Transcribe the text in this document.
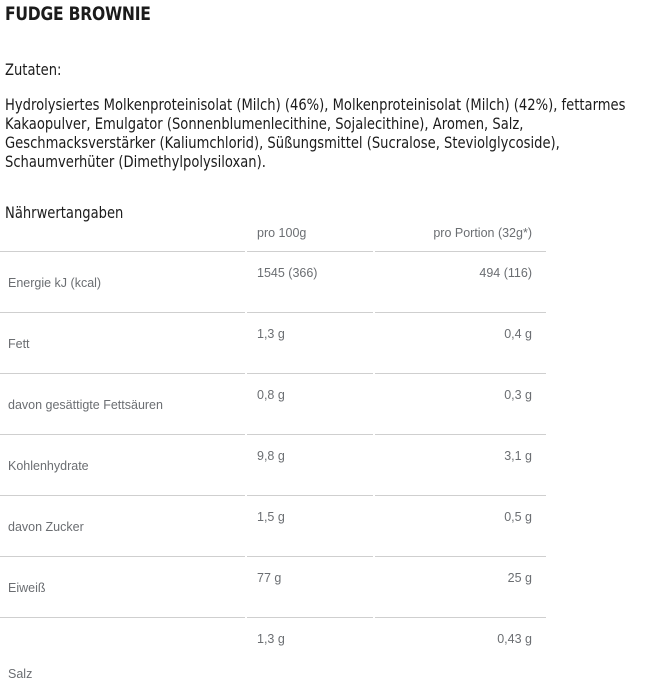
FUDGE BROWNIE
Zutaten:
Hydrolysiertes Molkenproteinisolat (Milch) (46%), Molkenproteinisolat (Milch) (42%), fettarmes Kakaopulver, Emulgator (Sonnenblumenlecithine, Sojalecithine), Aromen, Salz, Geschmacksverstärker (Kaliumchlorid), Süßungsmittel (Sucralose, Steviolglycoside), Schaumverhüter (Dimethylpolysiloxan).
Nährwertangaben
pro 100g	pro Portion (32g*)
Energie kJ (kcal)
1545 (366)	494 (116)
Fett
1,3 g	0,4 g
davon gesättigte Fettsäuren
0,8 g	0,3 g
Kohlenhydrate
9,8 g	3,1 g
davon Zucker
1,5 g	0,5 g
Eiweiß
77 g	25 g
Salz
1,3 g	0,43 g
